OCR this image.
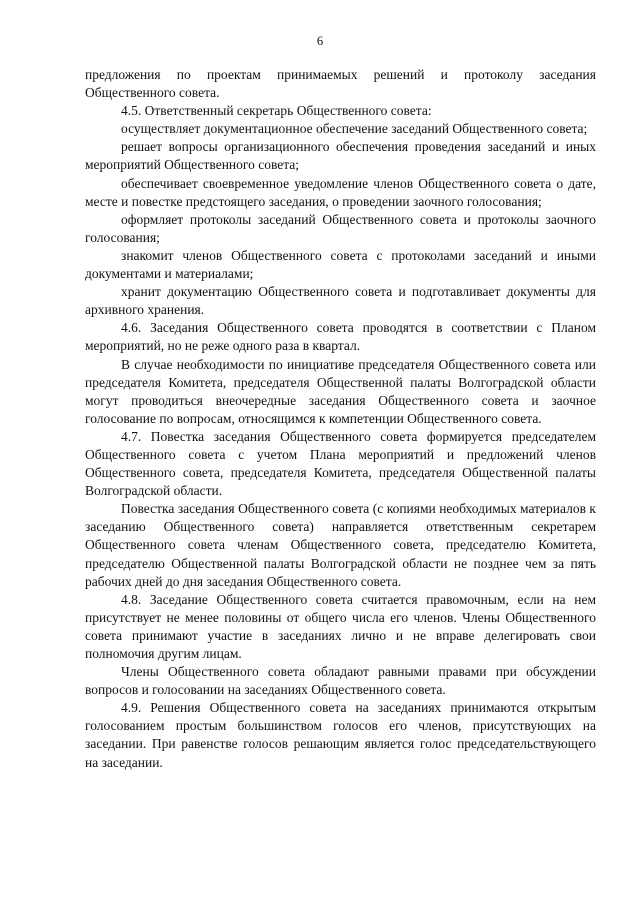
6

предложения по проектам принимаемых решений и протоколу заседания Общественного совета.

4.5. Ответственный секретарь Общественного совета:

осуществляет документационное обеспечение заседаний Общественного совета;

решает вопросы организационного обеспечения проведения заседаний и иных мероприятий Общественного совета;

обеспечивает своевременное уведомление членов Общественного совета о дате, месте и повестке предстоящего заседания, о проведении заочного голосования;

оформляет протоколы заседаний Общественного совета и протоколы заочного голосования;

знакомит членов Общественного совета с протоколами заседаний и иными документами и материалами;

хранит документацию Общественного совета и подготавливает документы для архивного хранения.

4.6. Заседания Общественного совета проводятся в соответствии с Планом мероприятий, но не реже одного раза в квартал.

В случае необходимости по инициативе председателя Общественного совета или председателя Комитета, председателя Общественной палаты Волгоградской области могут проводиться внеочередные заседания Общественного совета и заочное голосование по вопросам, относящимся к компетенции Общественного совета.

4.7. Повестка заседания Общественного совета формируется председателем Общественного совета с учетом Плана мероприятий и предложений членов Общественного совета, председателя Комитета, председателя Общественной палаты Волгоградской области.

Повестка заседания Общественного совета (с копиями необходимых материалов к заседанию Общественного совета) направляется ответственным секретарем Общественного совета членам Общественного совета, председателю Комитета, председателю Общественной палаты Волгоградской области не позднее чем за пять рабочих дней до дня заседания Общественного совета.

4.8. Заседание Общественного совета считается правомочным, если на нем присутствует не менее половины от общего числа его членов. Члены Общественного совета принимают участие в заседаниях лично и не вправе делегировать свои полномочия другим лицам.

Члены Общественного совета обладают равными правами при обсуждении вопросов и голосовании на заседаниях Общественного совета.

4.9. Решения Общественного совета на заседаниях принимаются открытым голосованием простым большинством голосов его членов, присутствующих на заседании. При равенстве голосов решающим является голос председательствующего на заседании.
